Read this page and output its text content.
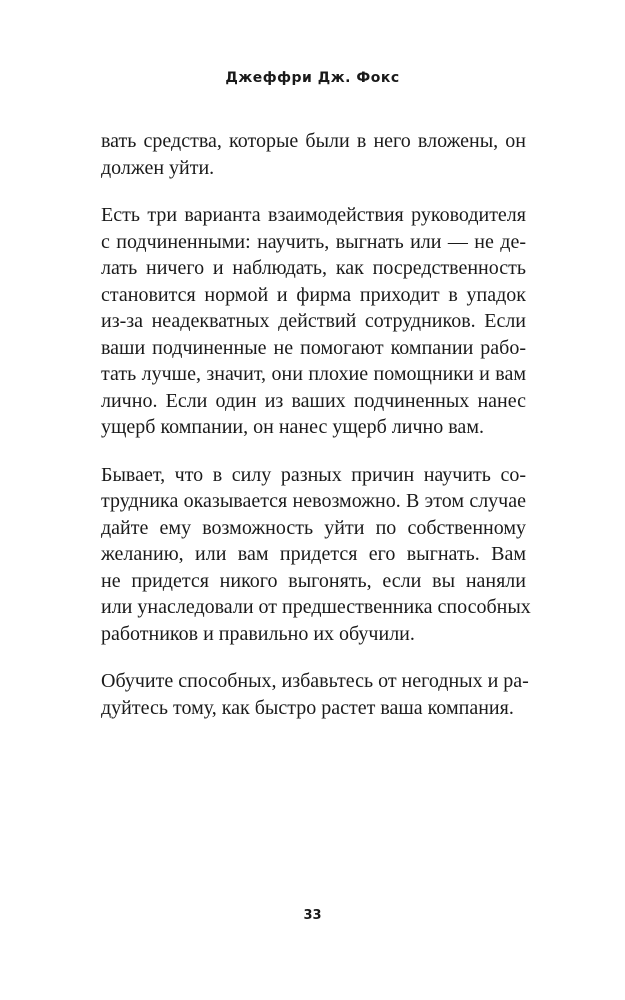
Джеффри Дж. Фокс

вать средства, которые были в него вложены, он
должен уйти.

Есть три варианта взаимодействия руководителя
с подчиненными: научить, выгнать или — не де-
лать ничего и наблюдать, как посредственность
становится нормой и фирма приходит в упадок
из-за неадекватных действий сотрудников. Если
ваши подчиненные не помогают компании рабо-
тать лучше, значит, они плохие помощники и вам
лично. Если один из ваших подчиненных нанес
ущерб компании, он нанес ущерб лично вам.

Бывает, что в силу разных причин научить со-
трудника оказывается невозможно. В этом случае
дайте ему возможность уйти по собственному
желанию, или вам придется его выгнать. Вам
не придется никого выгонять, если вы наняли
или унаследовали от предшественника способных
работников и правильно их обучили.

Обучите способных, избавьтесь от негодных и ра-
дуйтесь тому, как быстро растет ваша компания.

33
